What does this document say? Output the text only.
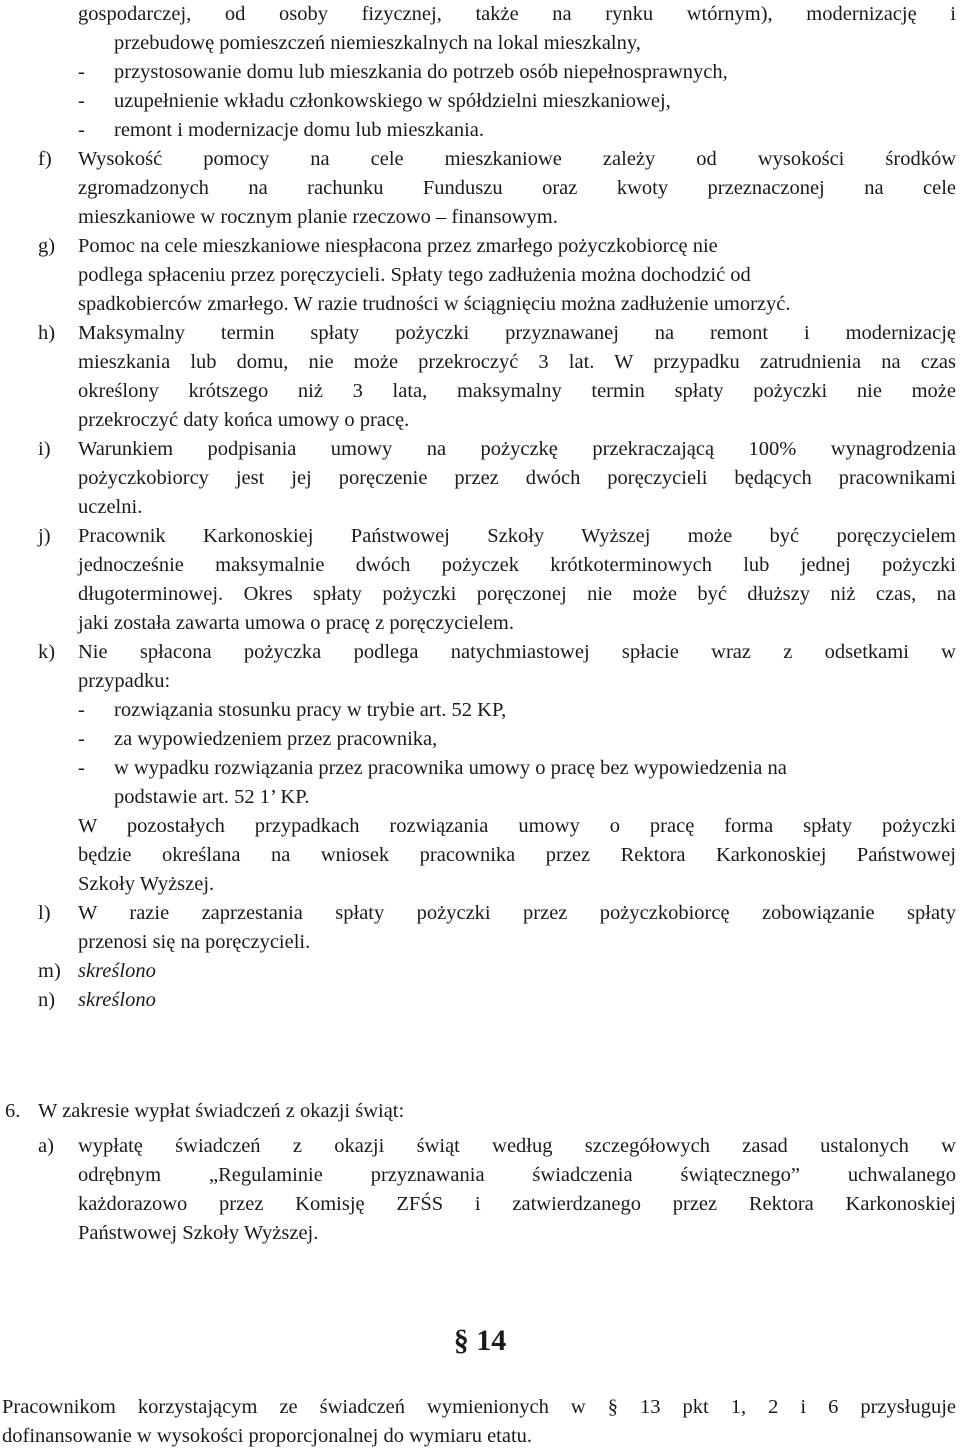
gospodarczej, od osoby fizycznej, także na rynku wtórnym), modernizację i
przebudowę pomieszczeń niemieszkalnych na lokal mieszkalny,
- przystosowanie domu lub mieszkania do potrzeb osób niepełnosprawnych,
- uzupełnienie wkładu członkowskiego w spółdzielni mieszkaniowej,
- remont i modernizacje domu lub mieszkania.
f) Wysokość pomocy na cele mieszkaniowe zależy od wysokości środków
zgromadzonych na rachunku Funduszu oraz kwoty przeznaczonej na cele
mieszkaniowe w rocznym planie rzeczowo – finansowym.
g) Pomoc na cele mieszkaniowe niespłacona przez zmarłego pożyczkobiorcę nie
podlega spłaceniu przez poręczycieli. Spłaty tego zadłużenia można dochodzić od
spadkobierców zmarłego. W razie trudności w ściągnięciu można zadłużenie umorzyć.
h) Maksymalny termin spłaty pożyczki przyznawanej na remont i modernizację
mieszkania lub domu, nie może przekroczyć 3 lat. W przypadku zatrudnienia na czas
określony krótszego niż 3 lata, maksymalny termin spłaty pożyczki nie może
przekroczyć daty końca umowy o pracę.
i) Warunkiem podpisania umowy na pożyczkę przekraczającą 100% wynagrodzenia
pożyczkobiorcy jest jej poręczenie przez dwóch poręczycieli będących pracownikami
uczelni.
j) Pracownik Karkonoskiej Państwowej Szkoły Wyższej może być poręczycielem
jednocześnie maksymalnie dwóch pożyczek krótkoterminowych lub jednej pożyczki
długoterminowej. Okres spłaty pożyczki poręczonej nie może być dłuższy niż czas, na
jaki została zawarta umowa o pracę z poręczycielem.
k) Nie spłacona pożyczka podlega natychmiastowej spłacie wraz z odsetkami w
przypadku:
- rozwiązania stosunku pracy w trybie art. 52 KP,
- za wypowiedzeniem przez pracownika,
- w wypadku rozwiązania przez pracownika umowy o pracę bez wypowiedzenia na
podstawie art. 52 1’ KP.
W pozostałych przypadkach rozwiązania umowy o pracę forma spłaty pożyczki
będzie określana na wniosek pracownika przez Rektora Karkonoskiej Państwowej
Szkoły Wyższej.
l) W razie zaprzestania spłaty pożyczki przez pożyczkobiorcę zobowiązanie spłaty
przenosi się na poręczycieli.
m) skreślono
n) skreślono
6. W zakresie wypłat świadczeń z okazji świąt:
a) wypłatę świadczeń z okazji świąt według szczegółowych zasad ustalonych w
odrębnym „Regulaminie przyznawania świadczenia świątecznego” uchwalanego
każdorazowo przez Komisję ZFŚS i zatwierdzanego przez Rektora Karkonoskiej
Państwowej Szkoły Wyższej.
§ 14
Pracownikom korzystającym ze świadczeń wymienionych w § 13 pkt 1, 2 i 6 przysługuje
dofinansowanie w wysokości proporcjonalnej do wymiaru etatu.
